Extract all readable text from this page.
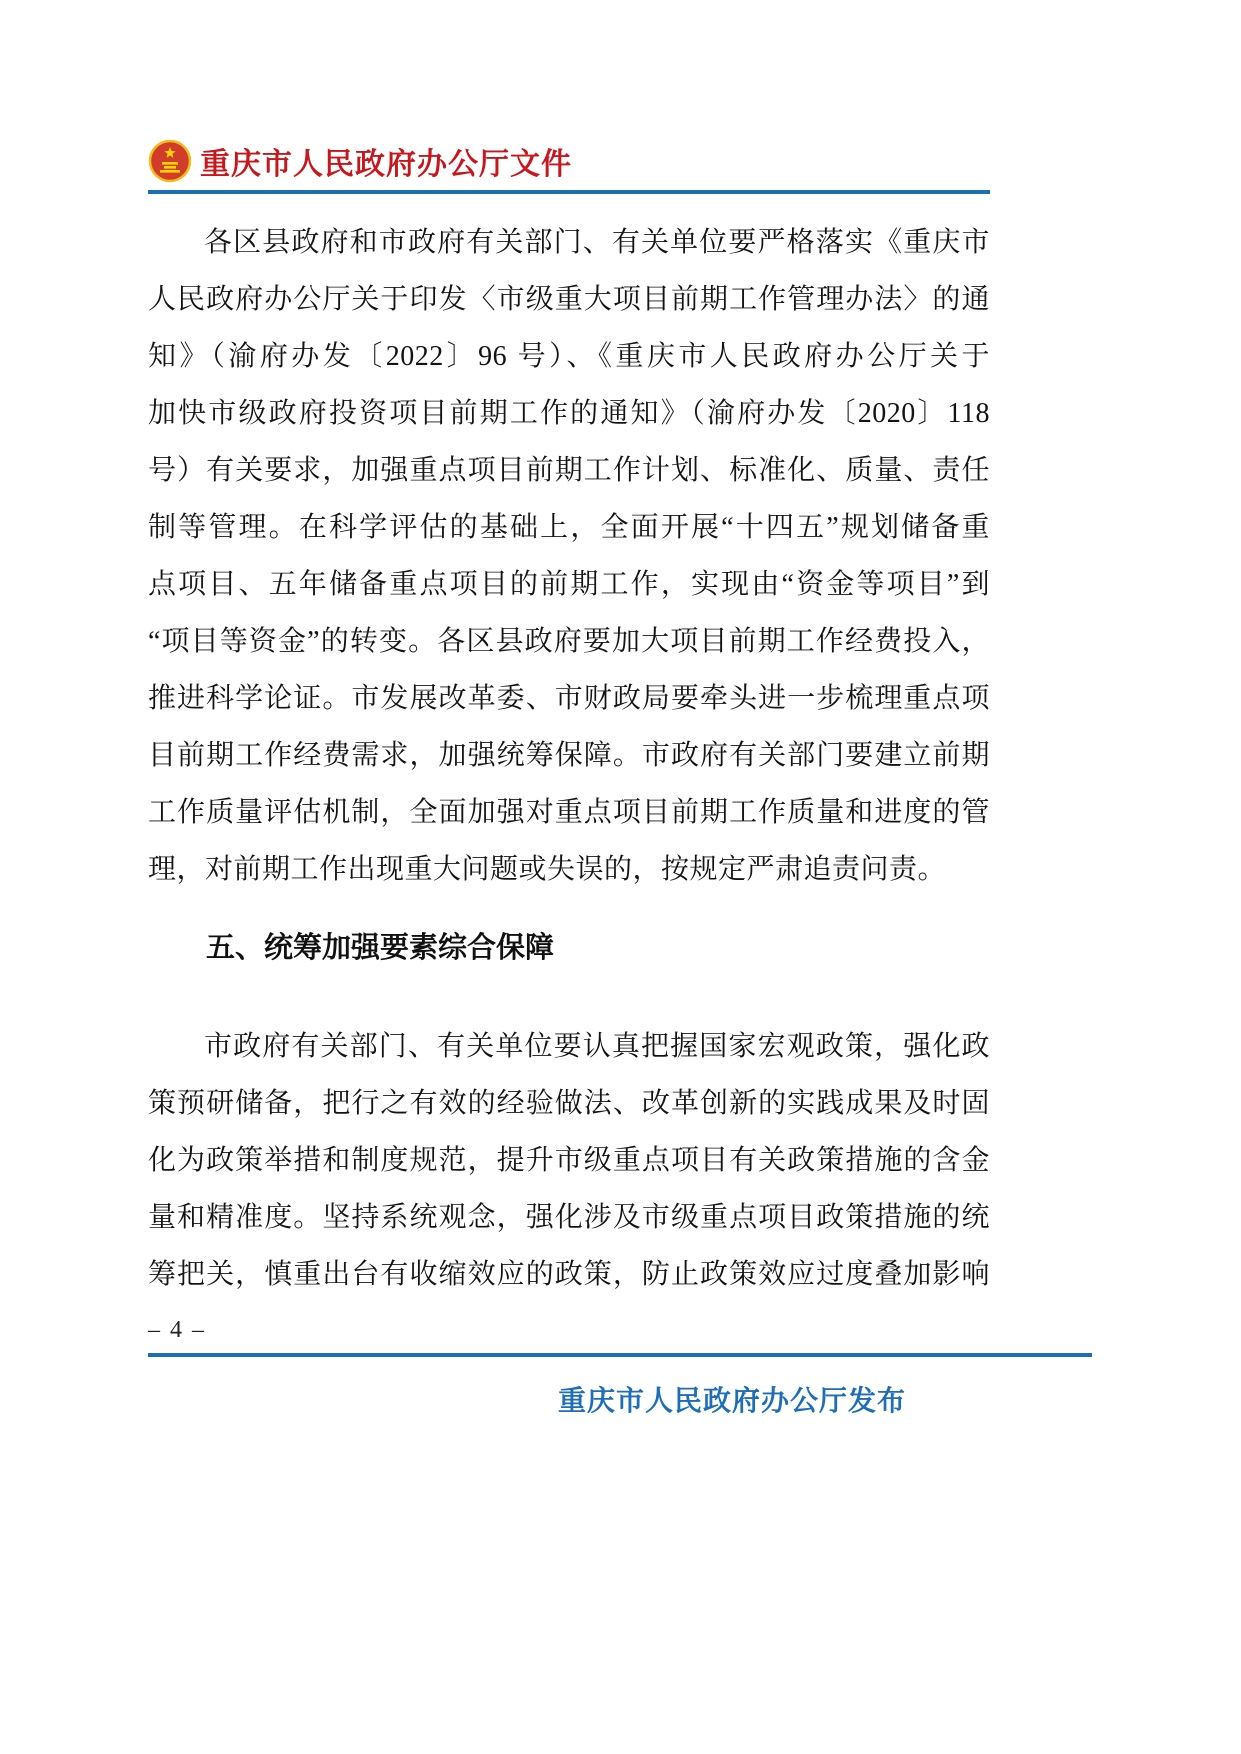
重庆市人民政府办公厅文件
各区县政府和市政府有关部门、有关单位要严格落实《重庆市
人民政府办公厅关于印发〈市级重大项目前期工作管理办法〉的通
知》（渝府办发〔2022〕96 号）、《重庆市人民政府办公厅关于
加快市级政府投资项目前期工作的通知》（渝府办发〔2020〕118
号）有关要求，加强重点项目前期工作计划、标准化、质量、责任
制等管理。在科学评估的基础上，全面开展“十四五”规划储备重
点项目、五年储备重点项目的前期工作，实现由“资金等项目”到
“项目等资金”的转变。各区县政府要加大项目前期工作经费投入，
推进科学论证。市发展改革委、市财政局要牵头进一步梳理重点项
目前期工作经费需求，加强统筹保障。市政府有关部门要建立前期
工作质量评估机制，全面加强对重点项目前期工作质量和进度的管
理，对前期工作出现重大问题或失误的，按规定严肃追责问责。
五、统筹加强要素综合保障
市政府有关部门、有关单位要认真把握国家宏观政策，强化政
策预研储备，把行之有效的经验做法、改革创新的实践成果及时固
化为政策举措和制度规范，提升市级重点项目有关政策措施的含金
量和精准度。坚持系统观念，强化涉及市级重点项目政策措施的统
筹把关，慎重出台有收缩效应的政策，防止政策效应过度叠加影响
– 4 –
重庆市人民政府办公厅发布
